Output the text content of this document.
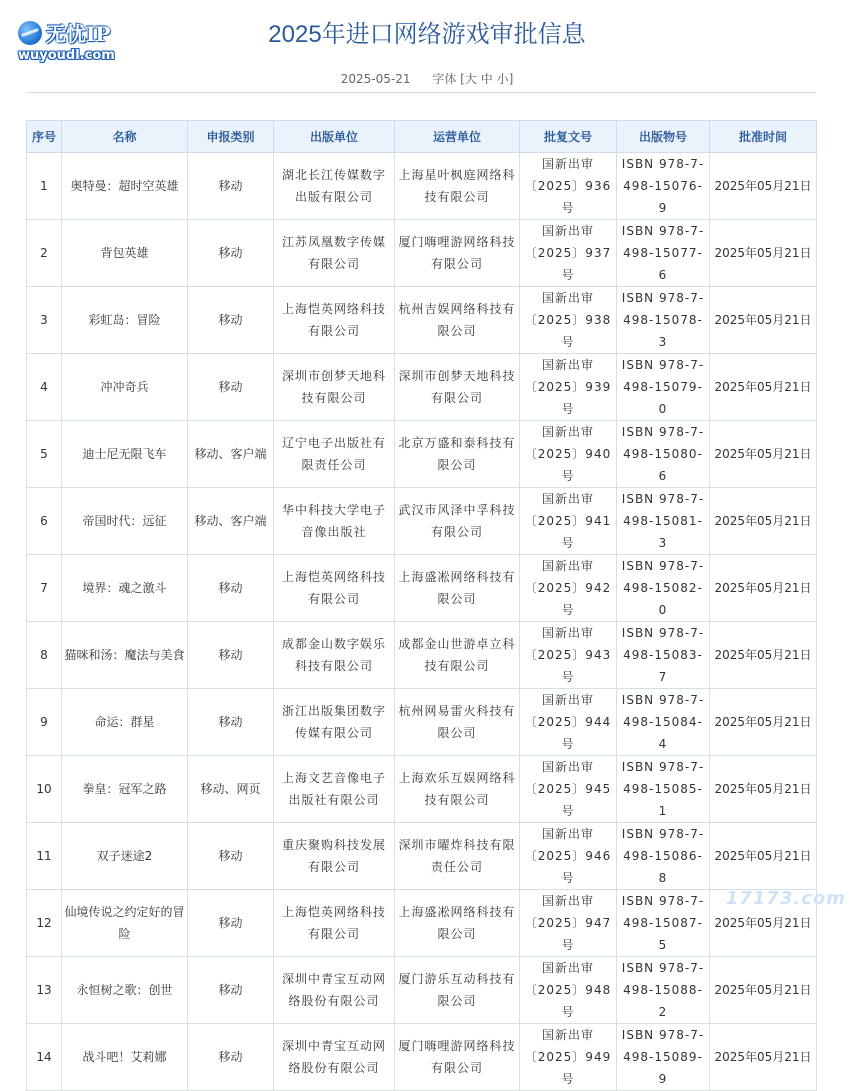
无忧IP
wuyoudl.com
2025年进口网络游戏审批信息
2025-05-21 字体 [大 中 小]
序号	名称	申报类别	出版单位	运营单位	批复文号	出版物号	批准时间
1	奥特曼：超时空英雄	移动	湖北长江传媒数字出版有限公司	上海星叶枫庭网络科技有限公司	国新出审〔2025〕936号	ISBN 978-7-498-15076-9	2025年05月21日
2	背包英雄	移动	江苏凤凰数字传媒有限公司	厦门嗨哩游网络科技有限公司	国新出审〔2025〕937号	ISBN 978-7-498-15077-6	2025年05月21日
3	彩虹岛：冒险	移动	上海恺英网络科技有限公司	杭州吉娱网络科技有限公司	国新出审〔2025〕938号	ISBN 978-7-498-15078-3	2025年05月21日
4	冲冲奇兵	移动	深圳市创梦天地科技有限公司	深圳市创梦天地科技有限公司	国新出审〔2025〕939号	ISBN 978-7-498-15079-0	2025年05月21日
5	迪士尼无限飞车	移动、客户端	辽宁电子出版社有限责任公司	北京万盛和泰科技有限公司	国新出审〔2025〕940号	ISBN 978-7-498-15080-6	2025年05月21日
6	帝国时代：远征	移动、客户端	华中科技大学电子音像出版社	武汉市风泽中孚科技有限公司	国新出审〔2025〕941号	ISBN 978-7-498-15081-3	2025年05月21日
7	境界：魂之激斗	移动	上海恺英网络科技有限公司	上海盛凇网络科技有限公司	国新出审〔2025〕942号	ISBN 978-7-498-15082-0	2025年05月21日
8	猫咪和汤：魔法与美食	移动	成都金山数字娱乐科技有限公司	成都金山世游卓立科技有限公司	国新出审〔2025〕943号	ISBN 978-7-498-15083-7	2025年05月21日
9	命运：群星	移动	浙江出版集团数字传媒有限公司	杭州网易雷火科技有限公司	国新出审〔2025〕944号	ISBN 978-7-498-15084-4	2025年05月21日
10	拳皇：冠军之路	移动、网页	上海文艺音像电子出版社有限公司	上海欢乐互娱网络科技有限公司	国新出审〔2025〕945号	ISBN 978-7-498-15085-1	2025年05月21日
11	双子迷途2	移动	重庆聚购科技发展有限公司	深圳市曜炸科技有限责任公司	国新出审〔2025〕946号	ISBN 978-7-498-15086-8	2025年05月21日
12	仙境传说之约定好的冒险	移动	上海恺英网络科技有限公司	上海盛凇网络科技有限公司	国新出审〔2025〕947号	ISBN 978-7-498-15087-5	2025年05月21日
13	永恒树之歌：创世	移动	深圳中青宝互动网络股份有限公司	厦门游乐互动科技有限公司	国新出审〔2025〕948号	ISBN 978-7-498-15088-2	2025年05月21日
14	战斗吧！艾莉娜	移动	深圳中青宝互动网络股份有限公司	厦门嗨哩游网络科技有限公司	国新出审〔2025〕949号	ISBN 978-7-498-15089-9	2025年05月21日
17173.com
